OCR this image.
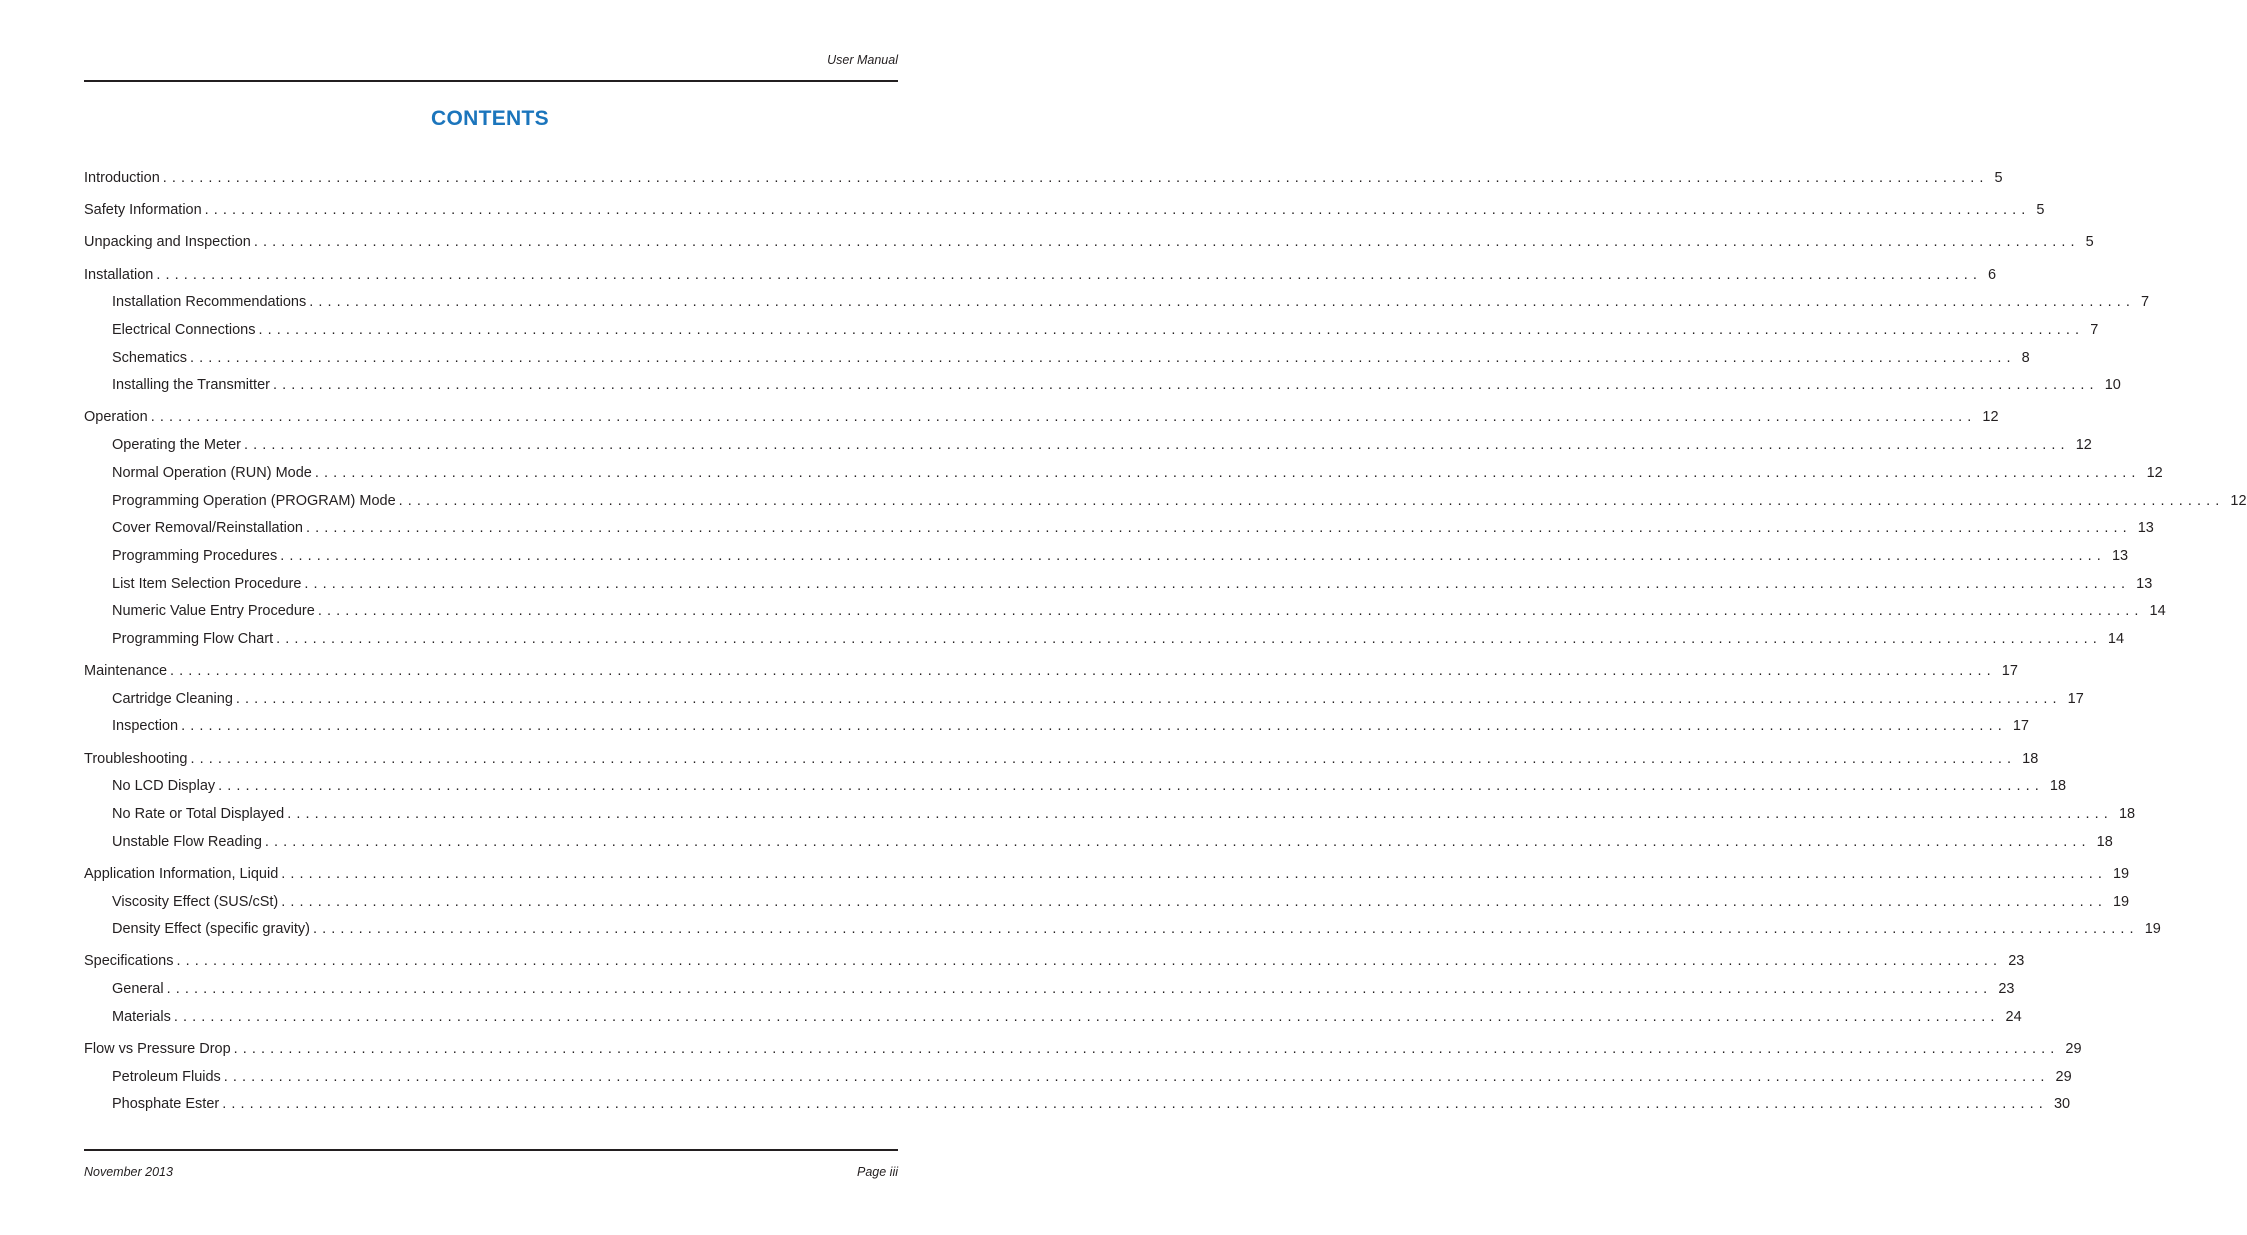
User Manual
CONTENTS
Introduction ........................................................................................................................................................................................................ 5
Safety Information ........................................................................................................................................................................................................ 5
Unpacking and Inspection ........................................................................................................................................................................................................ 5
Installation ........................................................................................................................................................................................................ 6
Installation Recommendations ........................................................................................................................................................................................................ 7
Electrical Connections ........................................................................................................................................................................................................ 7
Schematics ........................................................................................................................................................................................................ 8
Installing the Transmitter ........................................................................................................................................................................................................ 10
Operation ........................................................................................................................................................................................................ 12
Operating the Meter ........................................................................................................................................................................................................ 12
Normal Operation (RUN) Mode ........................................................................................................................................................................................................ 12
Programming Operation (PROGRAM) Mode ........................................................................................................................................................................................................ 12
Cover Removal/Reinstallation ........................................................................................................................................................................................................ 13
Programming Procedures ........................................................................................................................................................................................................ 13
List Item Selection Procedure ........................................................................................................................................................................................................ 13
Numeric Value Entry Procedure ........................................................................................................................................................................................................ 14
Programming Flow Chart ........................................................................................................................................................................................................ 14
Maintenance ........................................................................................................................................................................................................ 17
Cartridge Cleaning ........................................................................................................................................................................................................ 17
Inspection ........................................................................................................................................................................................................ 17
Troubleshooting ........................................................................................................................................................................................................ 18
No LCD Display ........................................................................................................................................................................................................ 18
No Rate or Total Displayed ........................................................................................................................................................................................................ 18
Unstable Flow Reading ........................................................................................................................................................................................................ 18
Application Information, Liquid ........................................................................................................................................................................................................ 19
Viscosity Effect (SUS/cSt) ........................................................................................................................................................................................................ 19
Density Effect (specific gravity) ........................................................................................................................................................................................................ 19
Specifications ........................................................................................................................................................................................................ 23
General ........................................................................................................................................................................................................ 23
Materials ........................................................................................................................................................................................................ 24
Flow vs Pressure Drop ........................................................................................................................................................................................................ 29
Petroleum Fluids ........................................................................................................................................................................................................ 29
Phosphate Ester ........................................................................................................................................................................................................ 30
November 2013	Page iii
